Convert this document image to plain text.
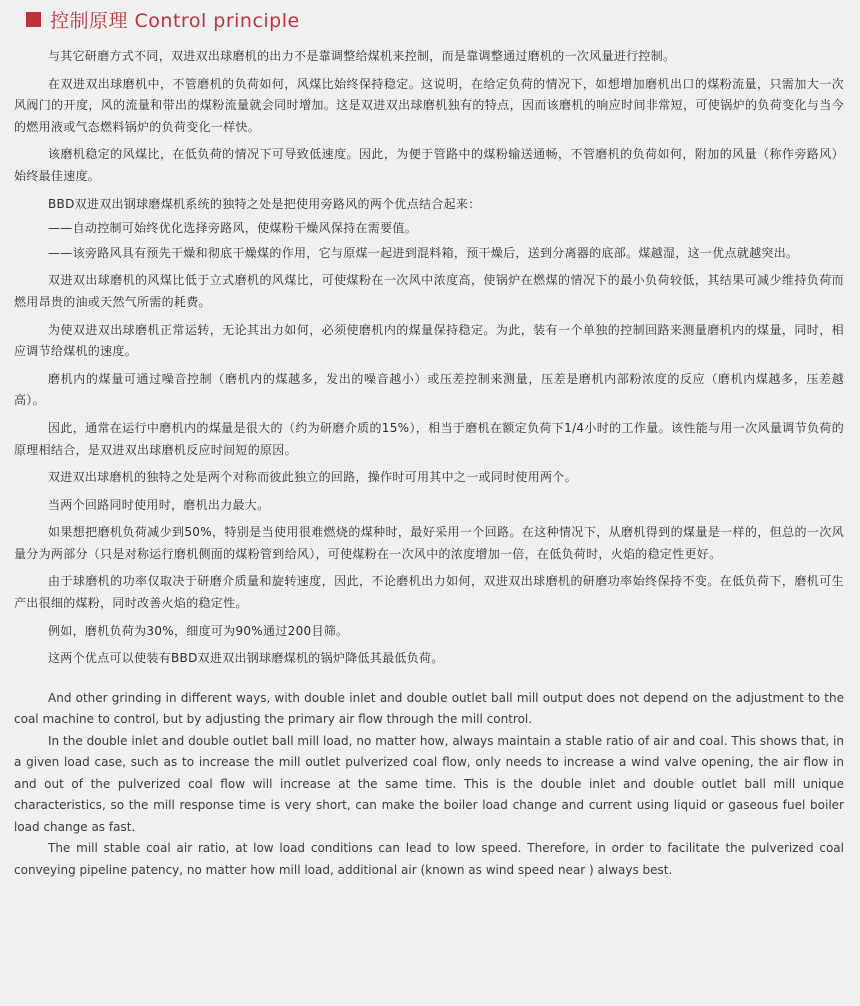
控制原理 Control principle

与其它研磨方式不同，双进双出球磨机的出力不是靠调整给煤机来控制，而是靠调整通过磨机的一次风量进行控制。

在双进双出球磨机中，不管磨机的负荷如何，风煤比始终保持稳定。这说明，在给定负荷的情况下，如想增加磨机出口的煤粉流量，只需加大一次风阀门的开度，风的流量和带出的煤粉流量就会同时增加。这是双进双出球磨机独有的特点，因而该磨机的响应时间非常短，可使锅炉的负荷变化与当今的燃用液或气态燃料锅炉的负荷变化一样快。

该磨机稳定的风煤比，在低负荷的情况下可导致低速度。因此，为便于管路中的煤粉输送通畅，不管磨机的负荷如何，附加的风量（称作旁路风）始终最佳速度。

BBD双进双出钢球磨煤机系统的独特之处是把使用旁路风的两个优点结合起来：

——自动控制可始终优化选择旁路风，使煤粉干燥风保持在需要值。

——该旁路风具有预先干燥和彻底干燥煤的作用，它与原煤一起进到混料箱，预干燥后，送到分离器的底部。煤越湿，这一优点就越突出。

双进双出球磨机的风煤比低于立式磨机的风煤比，可使煤粉在一次风中浓度高，使锅炉在燃煤的情况下的最小负荷较低，其结果可减少维持负荷而燃用昂贵的油或天然气所需的耗费。

为使双进双出球磨机正常运转，无论其出力如何，必须使磨机内的煤量保持稳定。为此，装有一个单独的控制回路来测量磨机内的煤量，同时，相应调节给煤机的速度。

磨机内的煤量可通过噪音控制（磨机内的煤越多，发出的噪音越小）或压差控制来测量，压差是磨机内部粉浓度的反应（磨机内煤越多，压差越高）。

因此，通常在运行中磨机内的煤量是很大的（约为研磨介质的15%），相当于磨机在额定负荷下1/4小时的工作量。该性能与用一次风量调节负荷的原理相结合，是双进双出球磨机反应时间短的原因。

双进双出球磨机的独特之处是两个对称而彼此独立的回路，操作时可用其中之一或同时使用两个。

当两个回路同时使用时，磨机出力最大。

如果想把磨机负荷减少到50%，特别是当使用很难燃烧的煤种时，最好采用一个回路。在这种情况下，从磨机得到的煤量是一样的，但总的一次风量分为两部分（只是对称运行磨机侧面的煤粉管到给风），可使煤粉在一次风中的浓度增加一倍，在低负荷时，火焰的稳定性更好。

由于球磨机的功率仅取决于研磨介质量和旋转速度，因此，不论磨机出力如何，双进双出球磨机的研磨功率始终保持不变。在低负荷下，磨机可生产出很细的煤粉，同时改善火焰的稳定性。

例如，磨机负荷为30%，细度可为90%通过200目筛。

这两个优点可以使装有BBD双进双出钢球磨煤机的锅炉降低其最低负荷。

And other grinding in different ways, with double inlet and double outlet ball mill output does not depend on the adjustment to the coal machine to control, but by adjusting the primary air flow through the mill control.

In the double inlet and double outlet ball mill load, no matter how, always maintain a stable ratio of air and coal. This shows that, in a given load case, such as to increase the mill outlet pulverized coal flow, only needs to increase a wind valve opening, the air flow in and out of the pulverized coal flow will increase at the same time. This is the double inlet and double outlet ball mill unique characteristics, so the mill response time is very short, can make the boiler load change and current using liquid or gaseous fuel boiler load change as fast.

The mill stable coal air ratio, at low load conditions can lead to low speed. Therefore, in order to facilitate the pulverized coal conveying pipeline patency, no matter how mill load, additional air (known as wind speed near ) always best.
